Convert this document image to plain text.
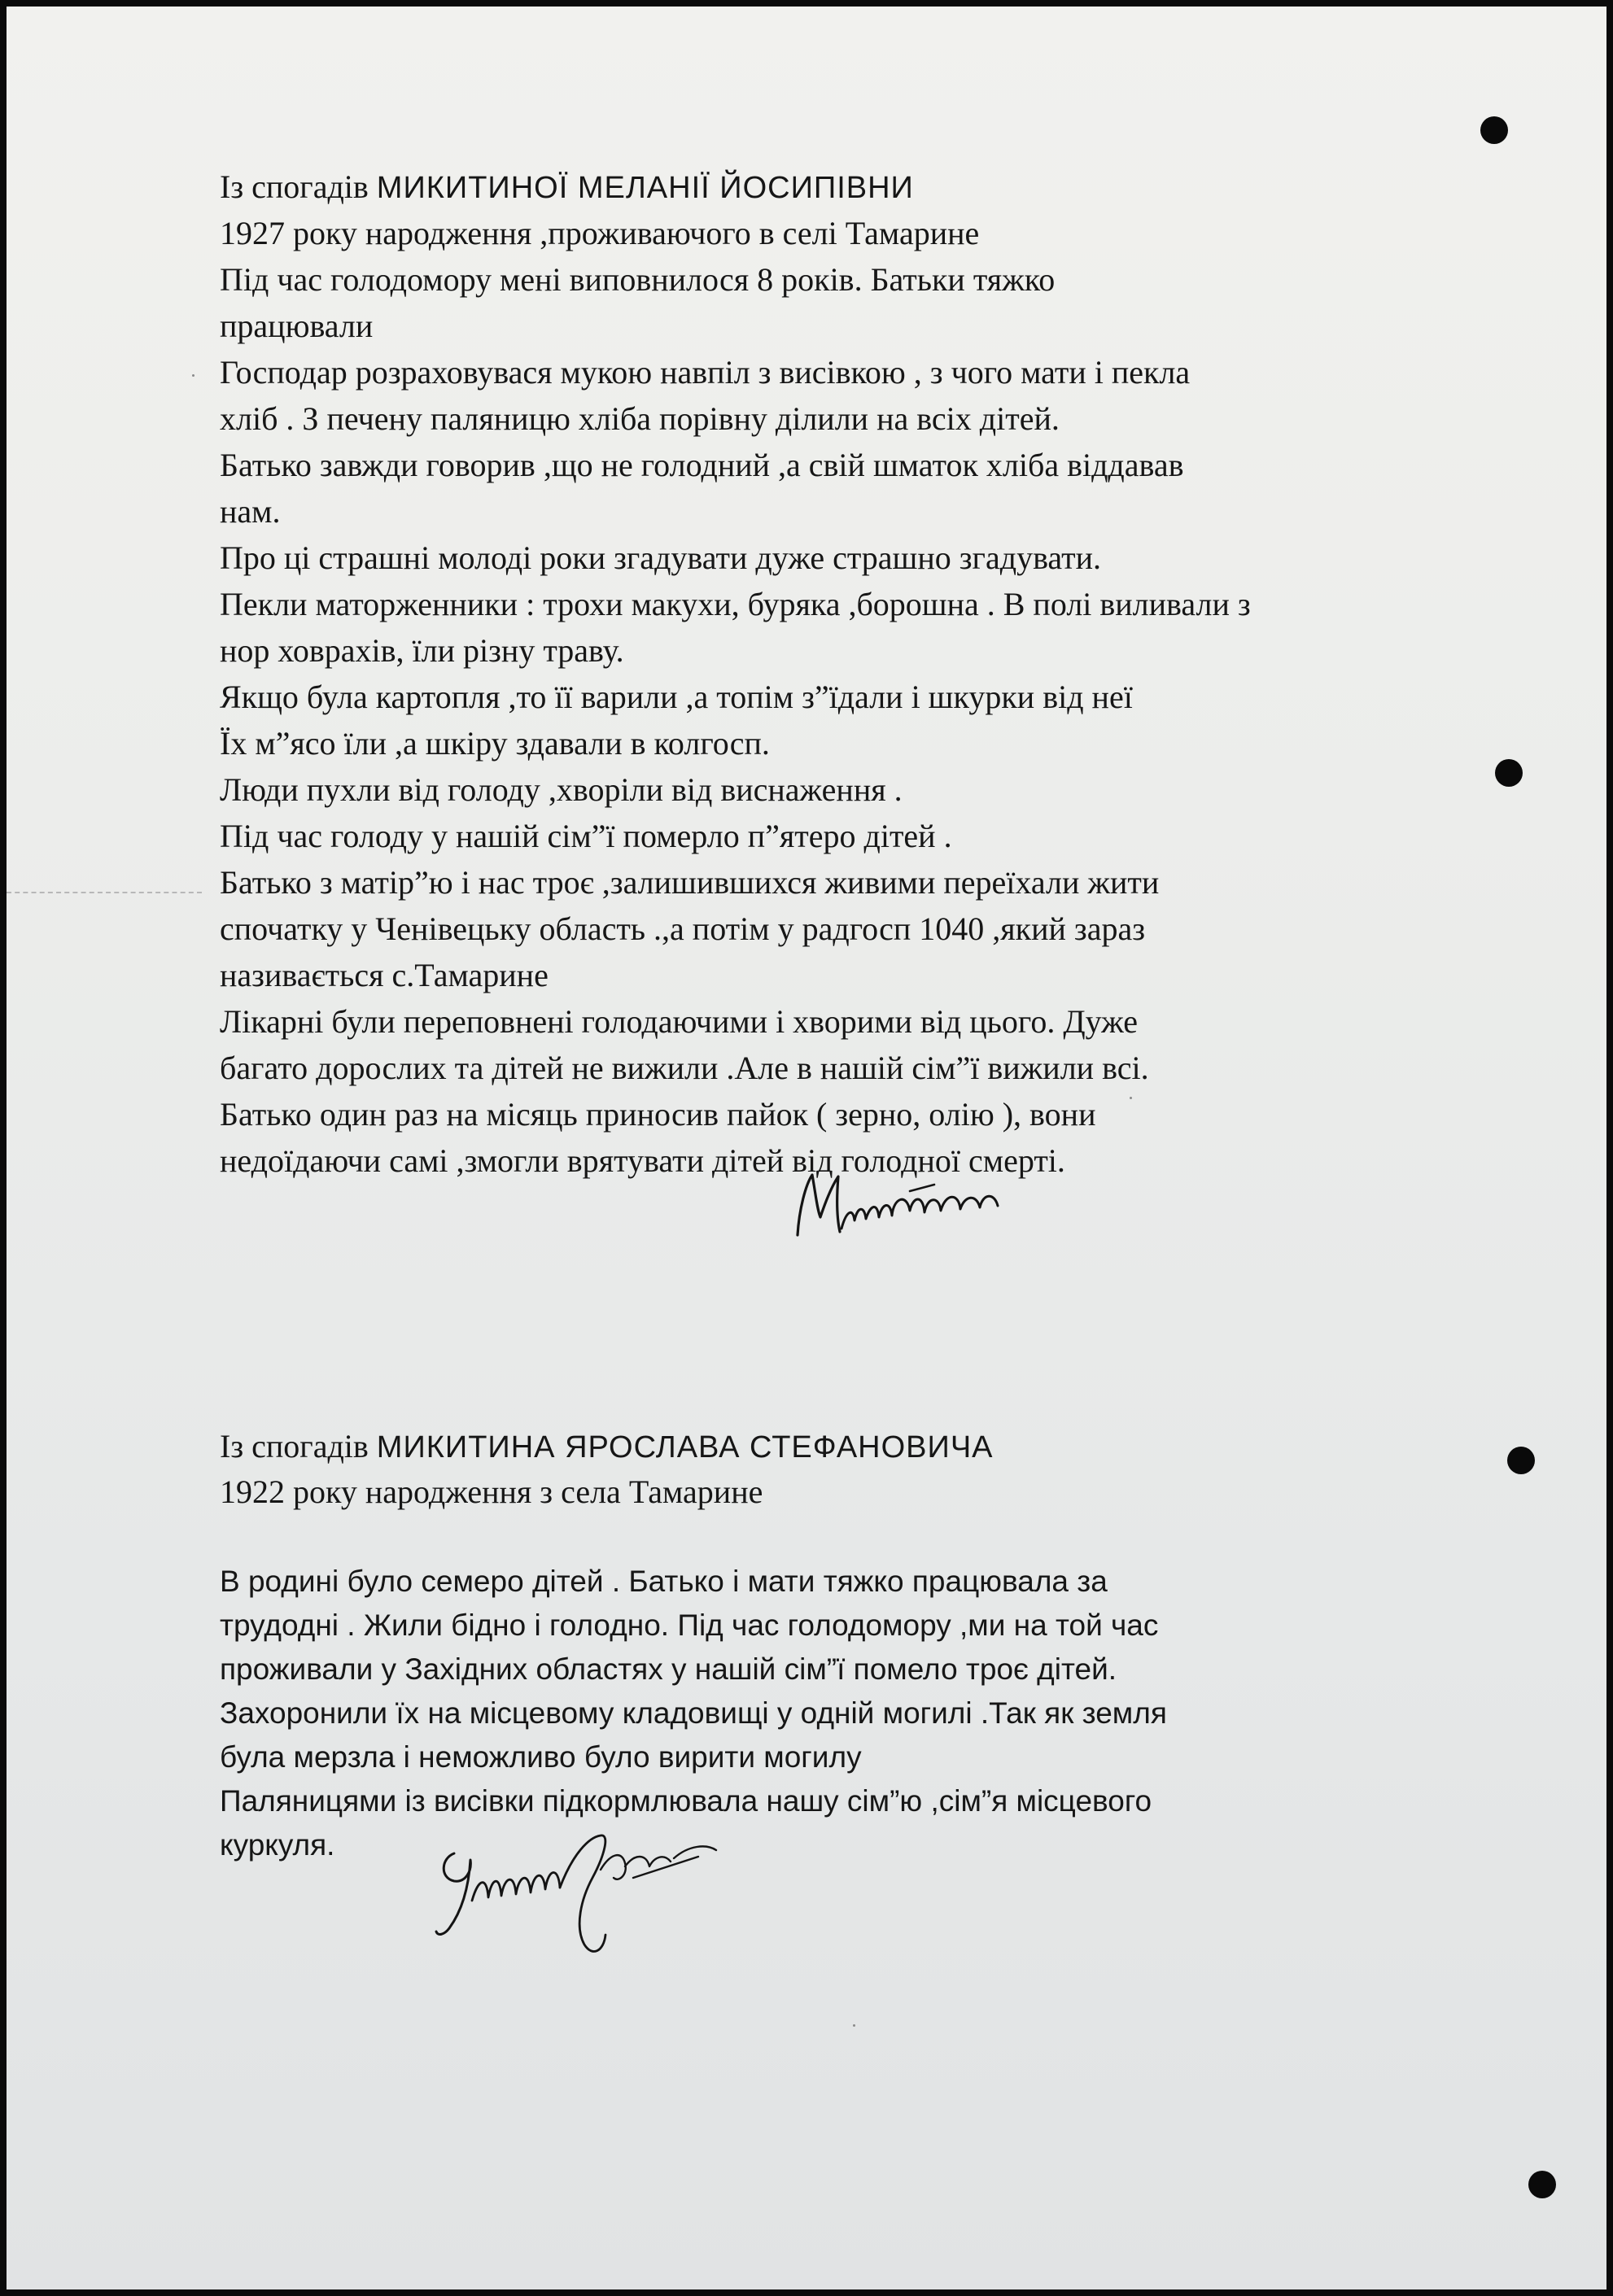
Із спогадів МИКИТИНОЇ МЕЛАНІЇ ЙОСИПІВНИ
1927 року народження ,проживаючого в селі Тамарине
Під час голодомору мені виповнилося 8 років. Батьки тяжко
працювали
Господар розраховувася мукою навпіл з висівкою , з чого мати і пекла
хліб . З печену паляницю хліба порівну ділили на всіх дітей.
Батько завжди говорив ,що не голодний ,а свій шматок хліба віддавав
нам.
Про ці страшні молоді роки згадувати дуже страшно згадувати.
Пекли маторженники : трохи макухи, буряка ,борошна . В полі виливали з
нор ховрахів, їли різну траву.
Якщо була картопля ,то її варили ,а топім з”їдали і шкурки від неї
Їх м”ясо їли ,а шкіру здавали в колгосп.
Люди пухли від голоду ,хворіли від виснаження .
Під час голоду у нашій сім”ї померло п”ятеро дітей .
Батько з матір”ю і нас троє ,залишившихся живими переїхали жити
спочатку у Ченівецьку область .,а потім у радгосп 1040 ,який зараз
називається с.Тамарине
Лікарні були переповнені голодаючими і хворими від цього. Дуже
багато дорослих та дітей не вижили .Але в нашій сім”ї вижили всі.
Батько один раз на місяць приносив пайок ( зерно, олію ), вони
недоїдаючи самі ,змогли врятувати дітей від голодної смерті.
Із спогадів МИКИТИНА ЯРОСЛАВА СТЕФАНОВИЧА
1922 року народження з села Тамарине
В родині було семеро дітей . Батько і мати тяжко працювала за
трудодні . Жили бідно і голодно. Під час голодомору ,ми на той час
проживали у Західних областях у нашій сім”ї помело троє дітей.
Захоронили їх на місцевому кладовищі у одній могилі .Так як земля
була мерзла і неможливо було вирити могилу
Паляницями із висівки підкормлювала нашу сім”ю ,сім”я місцевого
куркуля.
